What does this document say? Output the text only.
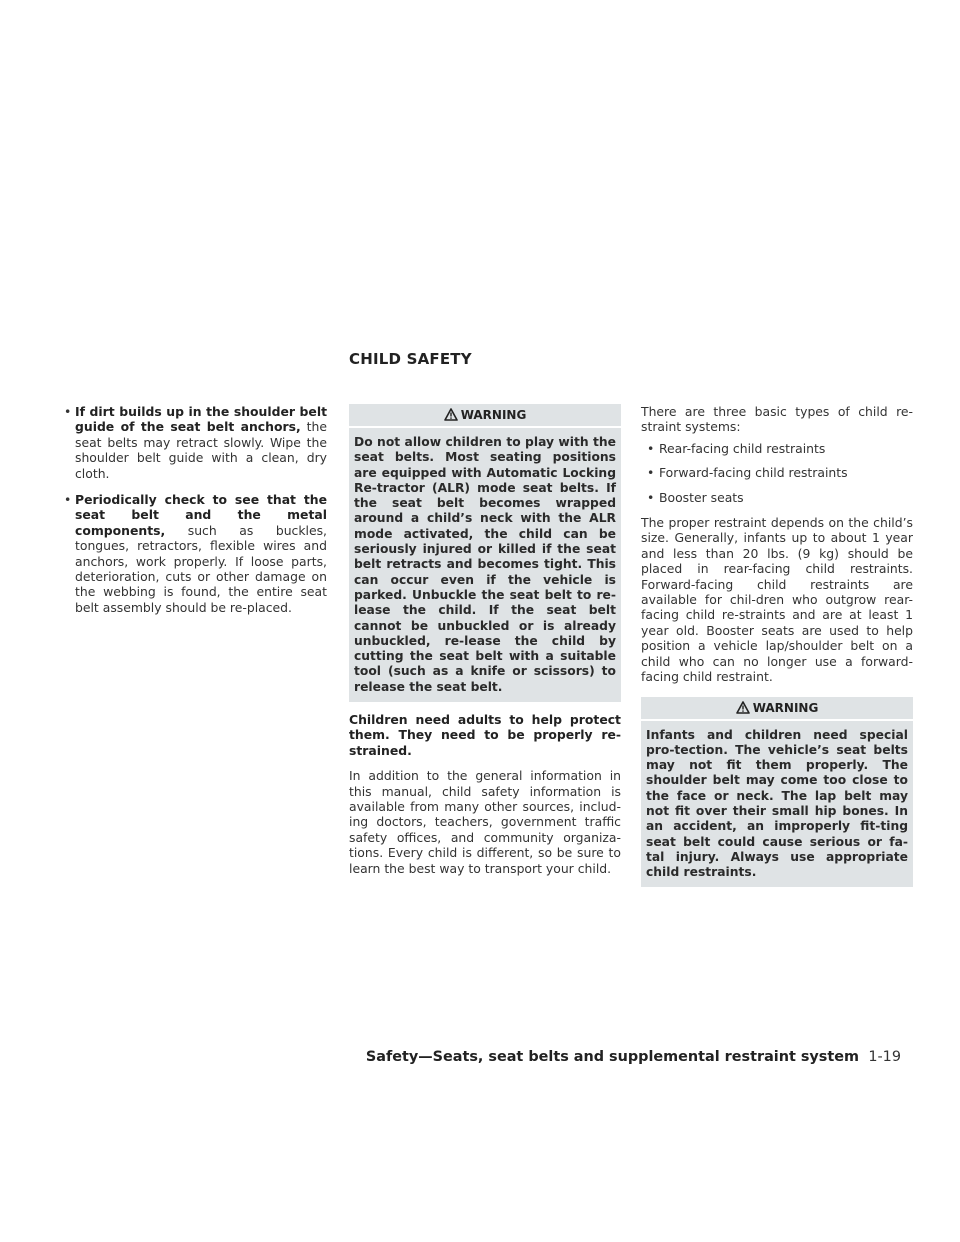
CHILD SAFETY
• If dirt builds up in the shoulder belt guide of the seat belt anchors, the seat belts may retract slowly. Wipe the shoulder belt guide with a clean, dry cloth.
• Periodically check to see that the seat belt and the metal components, such as buckles, tongues, retractors, flexible wires and anchors, work properly. If loose parts, deterioration, cuts or other damage on the webbing is found, the entire seat belt assembly should be re-placed.
WARNING
Do not allow children to play with the seat belts. Most seating positions are equipped with Automatic Locking Re-tractor (ALR) mode seat belts. If the seat belt becomes wrapped around a child’s neck with the ALR mode activated, the child can be seriously injured or killed if the seat belt retracts and becomes tight. This can occur even if the vehicle is parked. Unbuckle the seat belt to re-lease the child. If the seat belt cannot be unbuckled or is already unbuckled, re-lease the child by cutting the seat belt with a suitable tool (such as a knife or scissors) to release the seat belt.

Children need adults to help protect them. They need to be properly re-strained.

In addition to the general information in this manual, child safety information is available from many other sources, includ-ing doctors, teachers, government traffic safety offices, and community organiza-tions. Every child is different, so be sure to learn the best way to transport your child.

There are three basic types of child re-straint systems:

• Rear-facing child restraints
• Forward-facing child restraints
• Booster seats

The proper restraint depends on the child’s size. Generally, infants up to about 1 year and less than 20 lbs. (9 kg) should be placed in rear-facing child restraints. Forward-facing child restraints are available for chil-dren who outgrow rear-facing child re-straints and are at least 1 year old. Booster seats are used to help position a vehicle lap/shoulder belt on a child who can no longer use a forward-facing child restraint.

WARNING
Infants and children need special pro-tection. The vehicle’s seat belts may not fit them properly. The shoulder belt may come too close to the face or neck. The lap belt may not fit over their small hip bones. In an accident, an improperly fit-ting seat belt could cause serious or fa-tal injury. Always use appropriate child restraints.
Safety—Seats, seat belts and supplemental restraint system 1-19
